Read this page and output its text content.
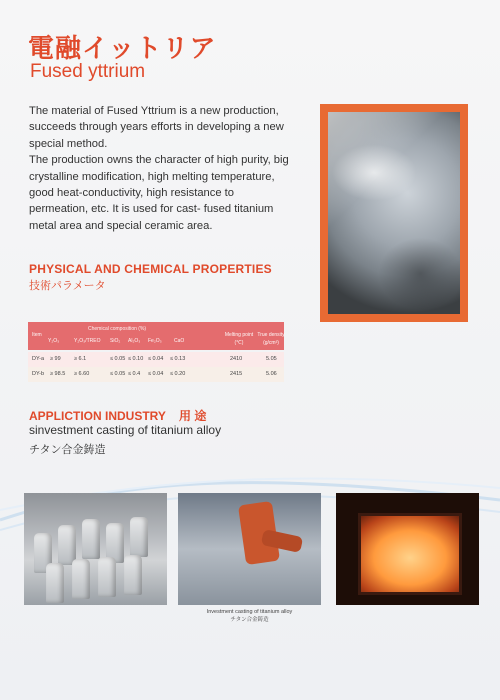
電融イットリア
Fused yttrium

The material of Fused Yttrium is a new production, succeeds through years efforts in developing a new special method.

The production owns the character of high purity, big crystalline modification, high melting temperature, good heat-conductivity, high resistance to permeation, etc. It is used for cast- fused titanium metal area and special ceramic area.

PHYSICAL AND CHEMICAL PROPERTIES
技術パラメータ
Item
Chemical composition (%)
Y₂O₃	Y₂O₃/TREO SiO₂ Al₂O₃ Fe₂O₃ CaO
Melting point
(℃)
True density
(g/cm³)
DY-a ≥ 99 ≥ 6.1	≤ 0.05 ≤ 0.10 ≤ 0.04 ≤ 0.13	2410	5.05
DY-b ≥ 98.5 ≥ 6.60	≤ 0.05 ≤ 0.4 ≤ 0.04 ≤ 0.20	2415	5.06
APPLICTION INDUSTRY 用 途
sinvestment casting of titanium alloy
チタン合金鋳造
Investment casting of titanium alloy
チタン合金鋳造
